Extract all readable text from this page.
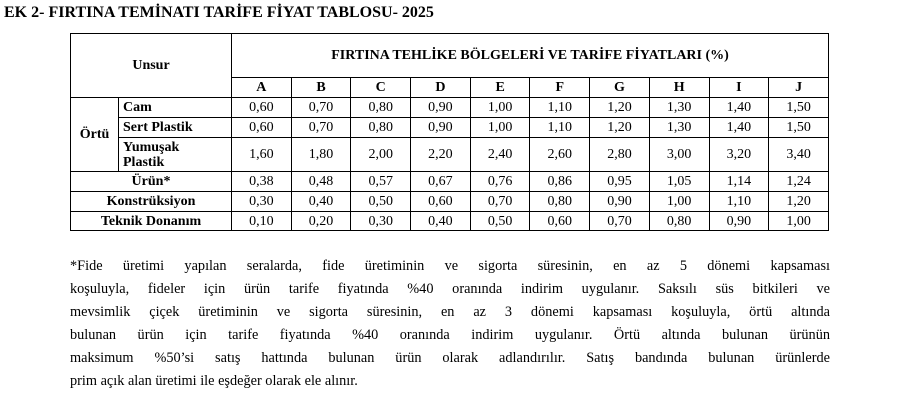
EK 2- FIRTINA TEMİNATI TARİFE FİYAT TABLOSU- 2025
Unsur		FIRTINA TEHLİKE BÖLGELERİ VE TARİFE FİYATLARI (%)									
		A	B	C	D	E	F	G	H	I	J
Örtü	Cam	0,60	0,70	0,80	0,90	1,00	1,10	1,20	1,30	1,40	1,50
	Sert Plastik	0,60	0,70	0,80	0,90	1,00	1,10	1,20	1,30	1,40	1,50
	Yumuşak
Plastik	1,60	1,80	2,00	2,20	2,40	2,60	2,80	3,00	3,20	3,40
Ürün*		0,38	0,48	0,57	0,67	0,76	0,86	0,95	1,05	1,14	1,24
Konstrüksiyon		0,30	0,40	0,50	0,60	0,70	0,80	0,90	1,00	1,10	1,20
Teknik Donanım		0,10	0,20	0,30	0,40	0,50	0,60	0,70	0,80	0,90	1,00
*Fide üretimi yapılan seralarda, fide üretiminin ve sigorta süresinin, en az 5 dönemi kapsaması
koşuluyla, fideler için ürün tarife fiyatında %40 oranında indirim uygulanır. Saksılı süs bitkileri ve
mevsimlik çiçek üretiminin ve sigorta süresinin, en az 3 dönemi kapsaması koşuluyla, örtü altında
bulunan ürün için tarife fiyatında %40 oranında indirim uygulanır. Örtü altında bulunan ürünün
maksimum %50’si satış hattında bulunan ürün olarak adlandırılır. Satış bandında bulunan ürünlerde
prim açık alan üretimi ile eşdeğer olarak ele alınır.
